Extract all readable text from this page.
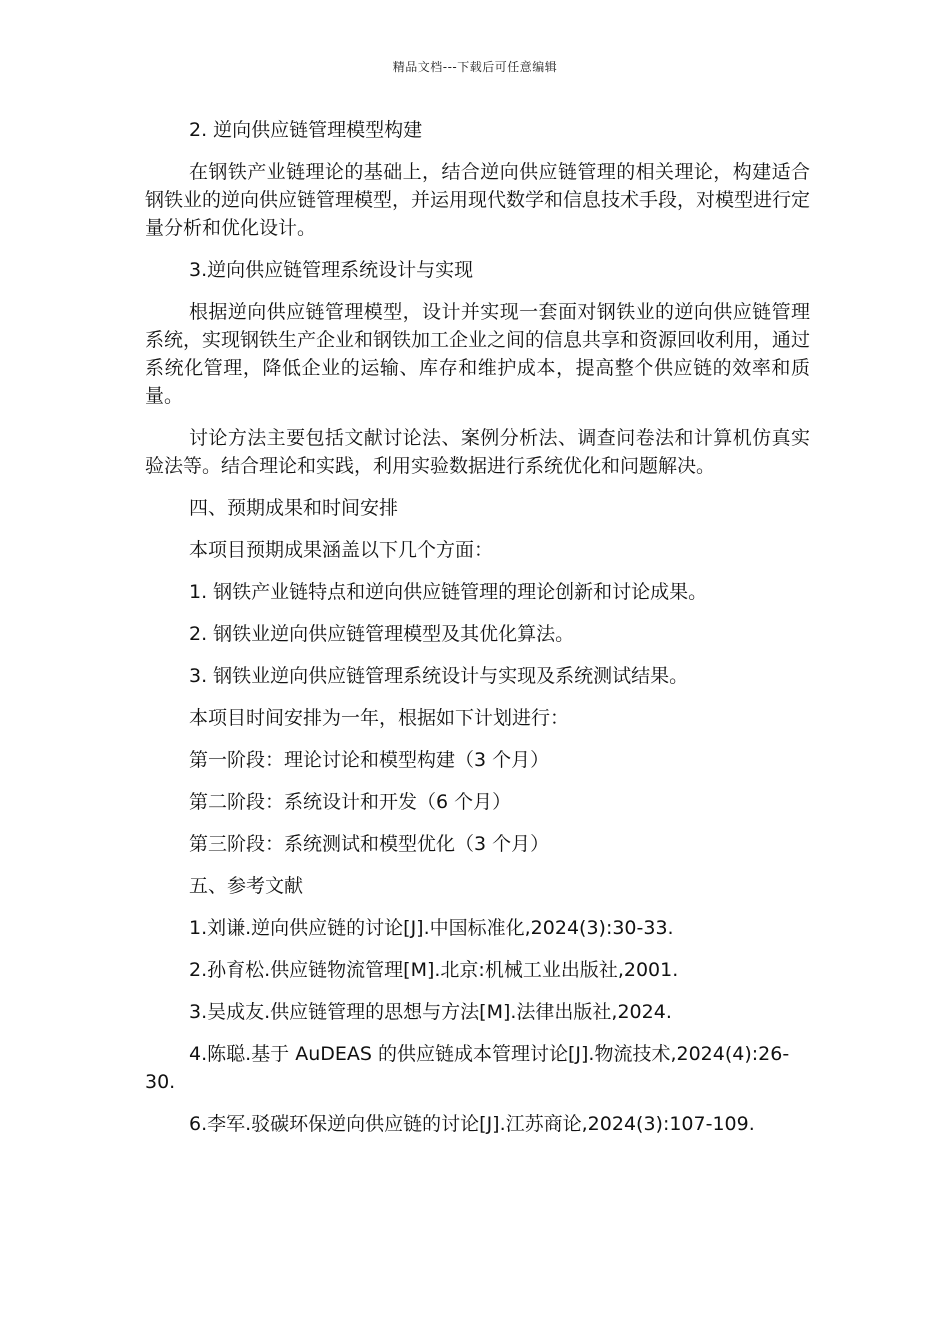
精品文档---下载后可任意编辑

2. 逆向供应链管理模型构建

在钢铁产业链理论的基础上，结合逆向供应链管理的相关理论，构建适合钢铁业的逆向供应链管理模型，并运用现代数学和信息技术手段，对模型进行定量分析和优化设计。

3.逆向供应链管理系统设计与实现

根据逆向供应链管理模型，设计并实现一套面对钢铁业的逆向供应链管理系统，实现钢铁生产企业和钢铁加工企业之间的信息共享和资源回收利用，通过系统化管理，降低企业的运输、库存和维护成本，提高整个供应链的效率和质量。

讨论方法主要包括文献讨论法、案例分析法、调查问卷法和计算机仿真实验法等。结合理论和实践，利用实验数据进行系统优化和问题解决。

四、预期成果和时间安排

本项目预期成果涵盖以下几个方面：

1. 钢铁产业链特点和逆向供应链管理的理论创新和讨论成果。

2. 钢铁业逆向供应链管理模型及其优化算法。

3. 钢铁业逆向供应链管理系统设计与实现及系统测试结果。

本项目时间安排为一年，根据如下计划进行：

第一阶段：理论讨论和模型构建（3 个月）

第二阶段：系统设计和开发（6 个月）

第三阶段：系统测试和模型优化（3 个月）

五、参考文献

1.刘谦.逆向供应链的讨论[J].中国标准化,2024(3):30-33.

2.孙育松.供应链物流管理[M].北京:机械工业出版社,2001.

3.吴成友.供应链管理的思想与方法[M].法律出版社,2024.

4.陈聪.基于 AuDEAS 的供应链成本管理讨论[J].物流技术,2024(4):26-30.

6.李军.驳碳环保逆向供应链的讨论[J].江苏商论,2024(3):107-109.
